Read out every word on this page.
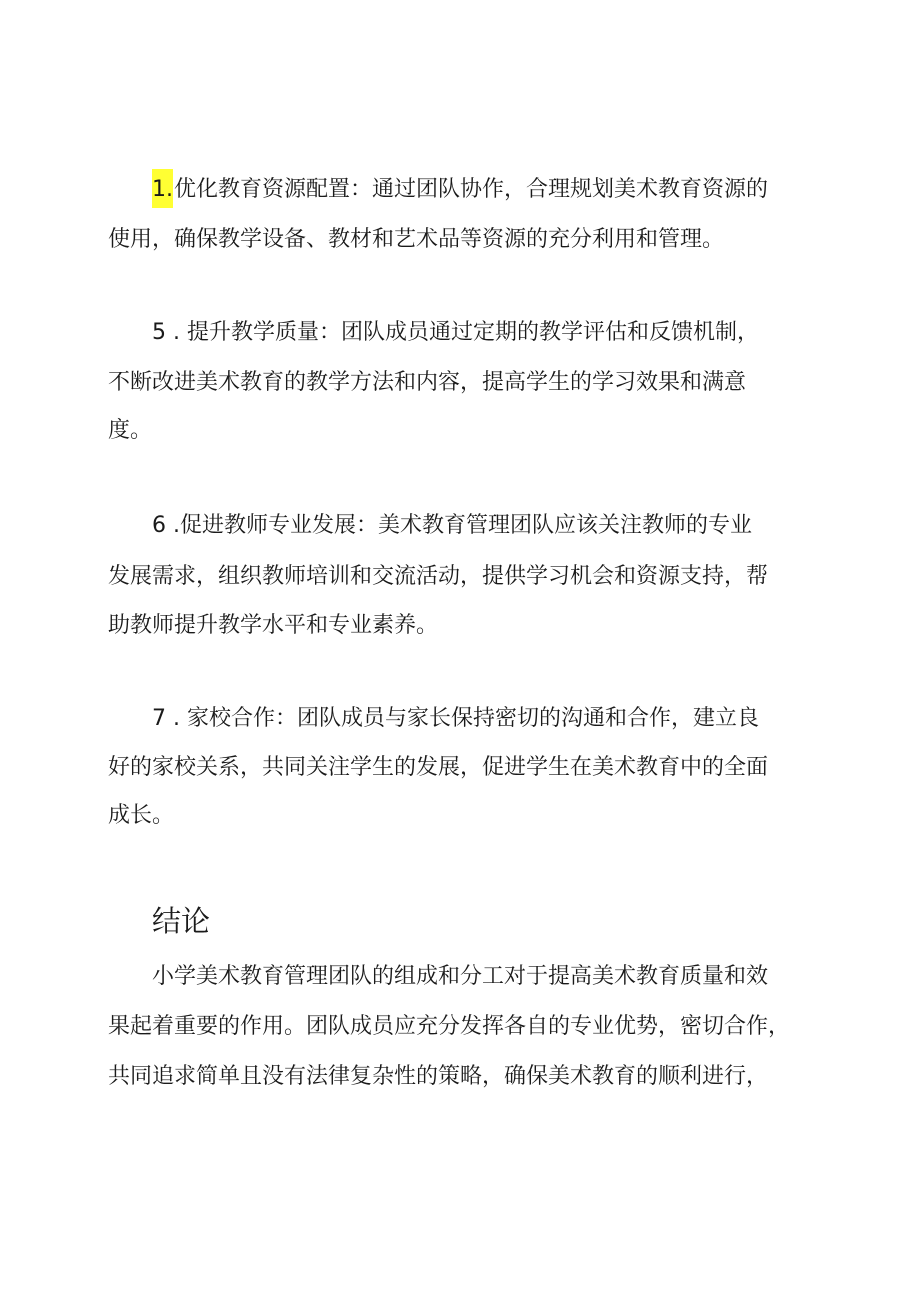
1.优化教育资源配置：通过团队协作，合理规划美术教育资源的
使用，确保教学设备、教材和艺术品等资源的充分利用和管理。
5 . 提升教学质量：团队成员通过定期的教学评估和反馈机制，
不断改进美术教育的教学方法和内容，提高学生的学习效果和满意
度。
6 .促进教师专业发展：美术教育管理团队应该关注教师的专业
发展需求，组织教师培训和交流活动，提供学习机会和资源支持，帮
助教师提升教学水平和专业素养。
7 . 家校合作：团队成员与家长保持密切的沟通和合作，建立良
好的家校关系，共同关注学生的发展，促进学生在美术教育中的全面
成长。
结论
小学美术教育管理团队的组成和分工对于提高美术教育质量和效
果起着重要的作用。团队成员应充分发挥各自的专业优势，密切合作，
共同追求简单且没有法律复杂性的策略，确保美术教育的顺利进行，
